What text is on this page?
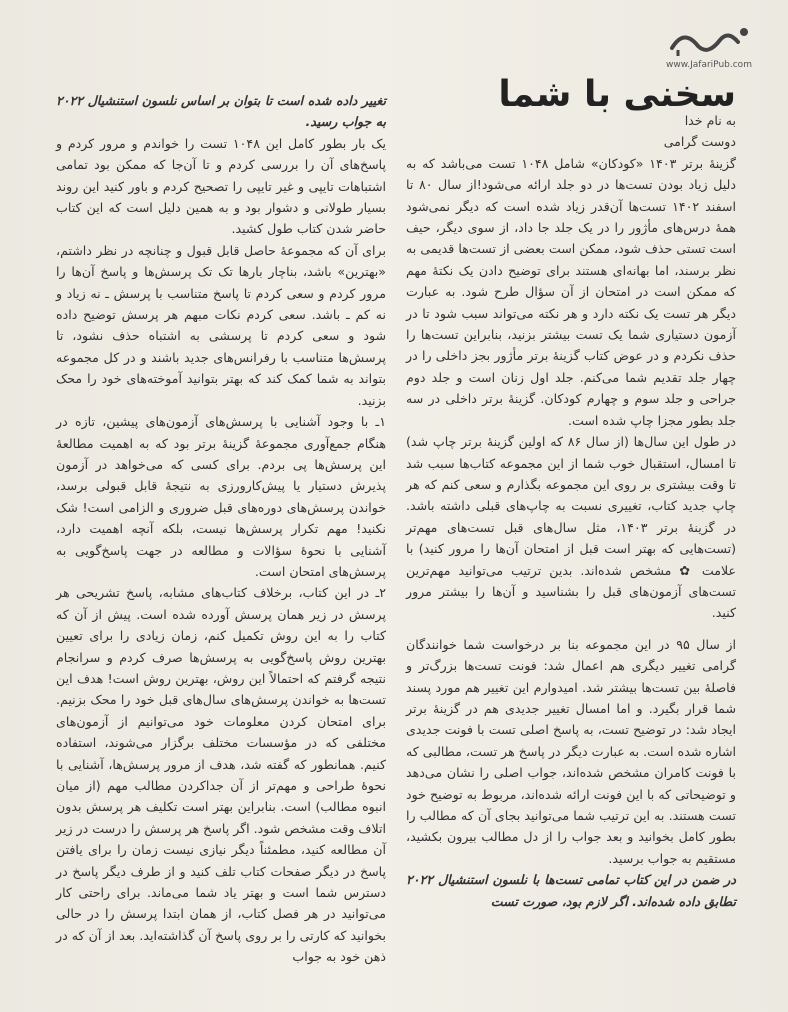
www.JafariPub.com
سخنی با شما

به نام خدا

دوست گرامی

گزینهٔ برتر ۱۴۰۳ «کودکان» شامل ۱۰۴۸ تست می‌باشد که به دلیل زیاد بودن تست‌ها در دو جلد ارائه می‌شود!از سال ۸۰ تا اسفند ۱۴۰۲ تست‌ها آن‌قدر زیاد شده است که دیگر نمی‌شود همهٔ درس‌های مأژور را در یک جلد جا داد، از سوی دیگر، حیف است تستی حذف شود، ممکن است بعضی از تست‌ها قدیمی به نظر برسند، اما بهانه‌ای هستند برای توضیح دادن یک نکتهٔ مهم که ممکن است در امتحان از آن سؤال طرح شود. به عبارت دیگر هر تست یک نکته دارد و هر نکته می‌تواند سبب شود تا در آزمون دستیاری شما یک تست بیشتر بزنید، بنابراین تست‌ها را حذف نکردم و در عوض کتاب گزینهٔ برتر مأژور بجز داخلی را در چهار جلد تقدیم شما می‌کنم. جلد اول زنان است و جلد دوم جراحی و جلد سوم و چهارم کودکان. گزینهٔ برتر داخلی در سه جلد بطور مجزا چاپ شده است.

در طول این سال‌ها (از سال ۸۶ که اولین گزینهٔ برتر چاپ شد) تا امسال، استقبال خوب شما از این مجموعه کتاب‌ها سبب شد تا وقت بیشتری بر روی این مجموعه بگذارم و سعی کنم که هر چاپ جدید کتاب، تغییری نسبت به چاپ‌های قبلی داشته باشد. در گزینهٔ برتر ۱۴۰۳، مثل سال‌های قبل تست‌های مهم‌تر (تست‌هایی که بهتر است قبل از امتحان آن‌ها را مرور کنید) با علامت ✿ مشخص شده‌اند. بدین ترتیب می‌توانید مهم‌ترین تست‌های آزمون‌های قبل را بشناسید و آن‌ها را بیشتر مرور کنید.

از سال ۹۵ در این مجموعه بنا بر درخواست شما خوانندگان گرامی تغییر دیگری هم اعمال شد: فونت تست‌ها بزرگ‌تر و فاصلهٔ بین تست‌ها بیشتر شد. امیدوارم این تغییر هم مورد پسند شما قرار بگیرد. و اما امسال تغییر جدیدی هم در گزینهٔ برتر ایجاد شد: در توضیح تست، به پاسخ اصلی تست با فونت جدیدی اشاره شده است. به عبارت دیگر در پاسخ هر تست، مطالبی که با فونت کامران مشخص شده‌اند، جواب اصلی را نشان می‌دهد و توضیحاتی که با این فونت ارائه شده‌اند، مربوط به توضیح خود تست هستند. به این ترتیب شما می‌توانید بجای آن که مطالب را بطور کامل بخوانید و بعد جواب را از دل مطالب بیرون بکشید، مستقیم به جواب برسید.

در ضمن در این کتاب تمامی تست‌ها با نلسون استنشیال ۲۰۲۲ تطابق داده شده‌اند. اگر لازم بود، صورت تست

تغییر داده شده است تا بتوان بر اساس نلسون استنشیال ۲۰۲۲ به جواب رسید.

یک بار بطور کامل این ۱۰۴۸ تست را خواندم و مرور کردم و پاسخ‌های آن را بررسی کردم و تا آن‌جا که ممکن بود تمامی اشتباهات تایپی و غیر تایپی را تصحیح کردم و باور کنید این روند بسیار طولانی و دشوار بود و به همین دلیل است که این کتاب حاضر شدن کتاب طول کشید.

برای آن که مجموعهٔ حاصل قابل قبول و چنانچه در نظر داشتم، «بهترین» باشد، بناچار بارها تک تک پرسش‌ها و پاسخ آن‌ها را مرور کردم و سعی کردم تا پاسخ متناسب با پرسش ـ نه زیاد و نه کم ـ باشد. سعی کردم نکات مبهم هر پرسش توضیح داده شود و سعی کردم تا پرسشی به اشتباه حذف نشود، تا پرسش‌ها متناسب با رفرانس‌های جدید باشند و در کل مجموعه بتواند به شما کمک کند که بهتر بتوانید آموخته‌های خود را محک بزنید.

۱ـ با وجود آشنایی با پرسش‌های آزمون‌های پیشین، تازه در هنگام جمع‌آوری مجموعهٔ گزینهٔ برتر بود که به اهمیت مطالعهٔ این پرسش‌ها پی بردم. برای کسی که می‌خواهد در آزمون پذیرش دستیار یا پیش‌کارورزی به نتیجهٔ قابل قبولی برسد، خواندن پرسش‌های دوره‌های قبل ضروری و الزامی است! شک نکنید! مهم تکرار پرسش‌ها نیست، بلکه آنچه اهمیت دارد، آشنایی با نحوهٔ سؤالات و مطالعه در جهت پاسخ‌گویی به پرسش‌های امتحان است.

۲ـ در این کتاب، برخلاف کتاب‌های مشابه، پاسخ تشریحی هر پرسش در زیر همان پرسش آورده شده است. پیش از آن که کتاب را به این روش تکمیل کنم، زمان زیادی را برای تعیین بهترین روش پاسخ‌گویی به پرسش‌ها صرف کردم و سرانجام نتیجه گرفتم که احتمالاً این روش، بهترین روش است! هدف این تست‌ها به خواندن پرسش‌های سال‌های قبل خود را محک بزنیم. برای امتحان کردن معلومات خود می‌توانیم از آزمون‌های مختلفی که در مؤسسات مختلف برگزار می‌شوند، استفاده کنیم. همانطور که گفته شد، هدف از مرور پرسش‌ها، آشنایی با نحوهٔ طراحی و مهم‌تر از آن جداکردن مطالب مهم (از میان انبوه مطالب) است. بنابراین بهتر است تکلیف هر پرسش بدون اتلاف وقت مشخص شود. اگر پاسخ هر پرسش را درست در زیر آن مطالعه کنید، مطمئناً دیگر نیازی نیست زمان را برای یافتن پاسخ در دیگر صفحات کتاب تلف کنید و از طرف دیگر پاسخ در دسترس شما است و بهتر یاد شما می‌ماند. برای راحتی کار می‌توانید در هر فصل کتاب، از همان ابتدا پرسش را در حالی بخوانید که کارتی را بر روی پاسخ آن گذاشته‌اید. بعد از آن که در ذهن خود به جواب
